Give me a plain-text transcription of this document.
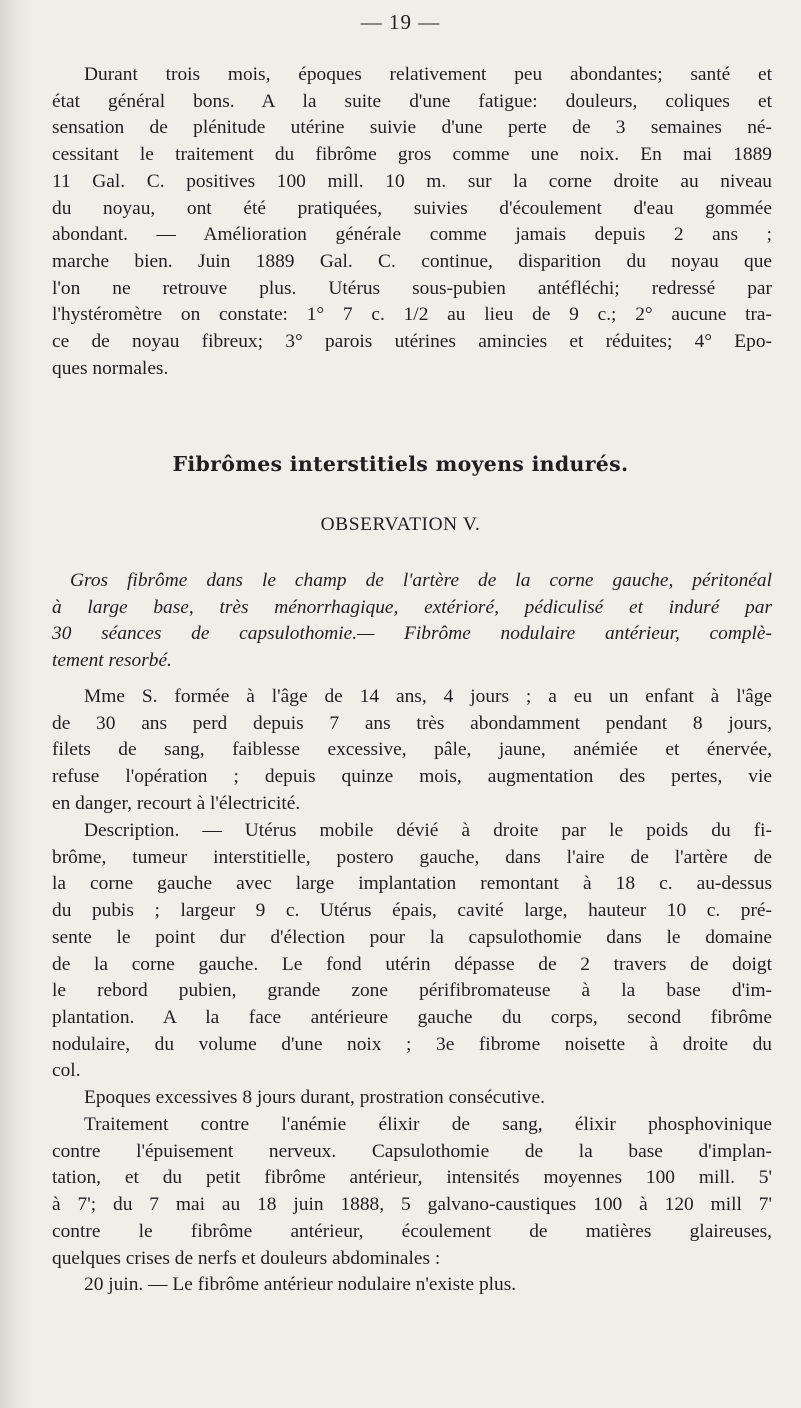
— 19 —
Durant trois mois, époques relativement peu abondantes; santé et
état général bons. A la suite d'une fatigue: douleurs, coliques et
sensation de plénitude utérine suivie d'une perte de 3 semaines né-
cessitant le traitement du fibrôme gros comme une noix. En mai 1889
11 Gal. C. positives 100 mill. 10 m. sur la corne droite au niveau
du noyau, ont été pratiquées, suivies d'écoulement d'eau gommée
abondant. — Amélioration générale comme jamais depuis 2 ans ;
marche bien. Juin 1889 Gal. C. continue, disparition du noyau que
l'on ne retrouve plus. Utérus sous-pubien antéfléchi; redressé par
l'hystéromètre on constate: 1° 7 c. 1/2 au lieu de 9 c.; 2° aucune tra-
ce de noyau fibreux; 3° parois utérines amincies et réduites; 4° Epo-
ques normales.
Fibrômes interstitiels moyens indurés.
OBSERVATION V.
Gros fibrôme dans le champ de l'artère de la corne gauche, péritonéal
à large base, très ménorrhagique, extérioré, pédiculisé et induré par
30 séances de capsulothomie.— Fibrôme nodulaire antérieur, complè-
tement resorbé.
Mme S. formée à l'âge de 14 ans, 4 jours ; a eu un enfant à l'âge
de 30 ans perd depuis 7 ans très abondamment pendant 8 jours,
filets de sang, faiblesse excessive, pâle, jaune, anémiée et énervée,
refuse l'opération ; depuis quinze mois, augmentation des pertes, vie
en danger, recourt à l'électricité.
Description. — Utérus mobile dévié à droite par le poids du fi-
brôme, tumeur interstitielle, postero gauche, dans l'aire de l'artère de
la corne gauche avec large implantation remontant à 18 c. au-dessus
du pubis ; largeur 9 c. Utérus épais, cavité large, hauteur 10 c. pré-
sente le point dur d'élection pour la capsulothomie dans le domaine
de la corne gauche. Le fond utérin dépasse de 2 travers de doigt
le rebord pubien, grande zone périfibromateuse à la base d'im-
plantation. A la face antérieure gauche du corps, second fibrôme
nodulaire, du volume d'une noix ; 3e fibrome noisette à droite du
col.
Epoques excessives 8 jours durant, prostration consécutive.
Traitement contre l'anémie élixir de sang, élixir phosphovinique
contre l'épuisement nerveux. Capsulothomie de la base d'implan-
tation, et du petit fibrôme antérieur, intensités moyennes 100 mill. 5'
à 7'; du 7 mai au 18 juin 1888, 5 galvano-caustiques 100 à 120 mill 7'
contre le fibrôme antérieur, écoulement de matières glaireuses,
quelques crises de nerfs et douleurs abdominales :
20 juin. — Le fibrôme antérieur nodulaire n'existe plus.
